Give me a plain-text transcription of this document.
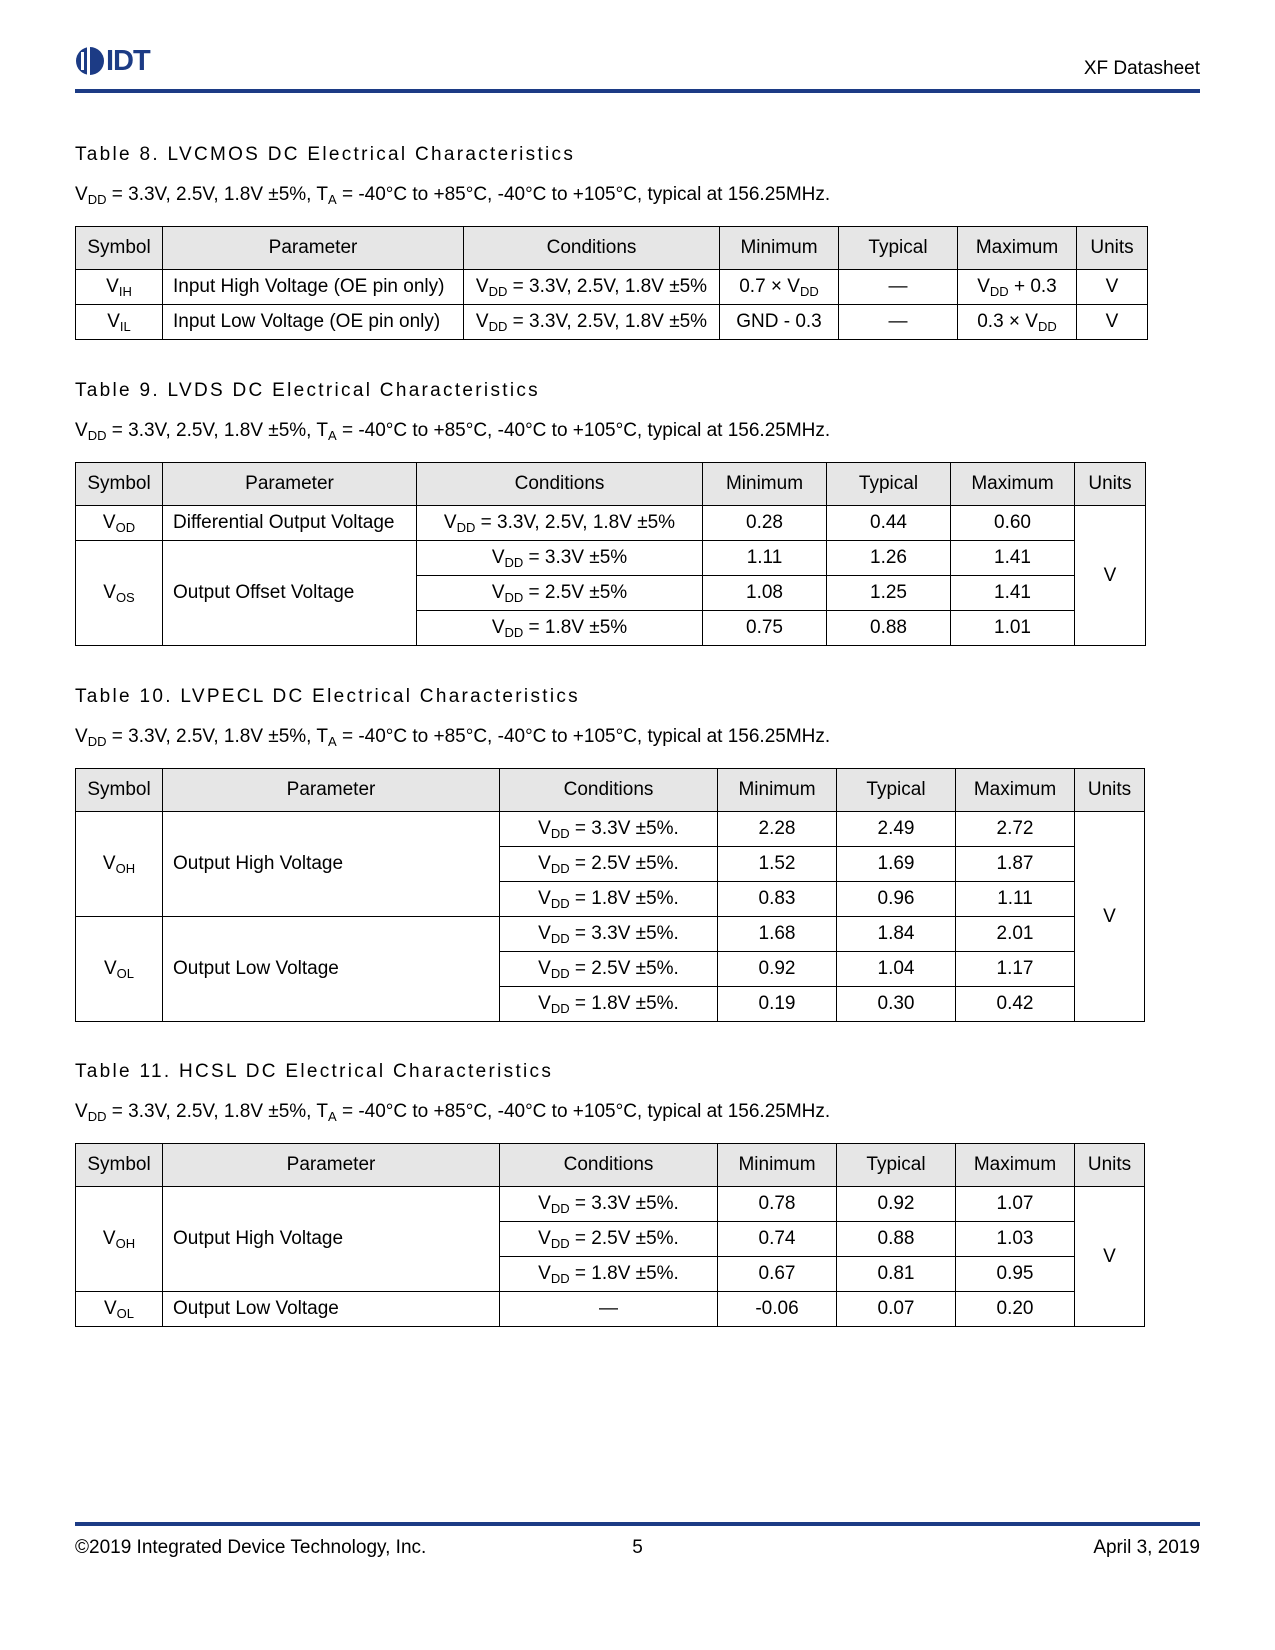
IDT	XF Datasheet
Table 8. LVCMOS DC Electrical Characteristics
$V_{DD} = 3.3V$, 2.5V, 1.8V ±5%, $T_A = -40^\circ C$ to +85°C, -40°C to +105°C, typical at 156.25MHz.
Symbol	Parameter	Conditions	Minimum	Typical	Maximum	Units
$V_{IH}$	Input High Voltage (OE pin only)	$V_{DD} = 3.3V$, 2.5V, 1.8V ±5%	$0.7 \times V_{DD}$	—	$V_{DD} + 0.3$	V
$V_{IL}$	Input Low Voltage (OE pin only)	$V_{DD} = 3.3V$, 2.5V, 1.8V ±5%	GND - 0.3	—	$0.3 \times V_{DD}$	V
Table 9. LVDS DC Electrical Characteristics
$V_{DD} = 3.3V$, 2.5V, 1.8V ±5%, $T_A = -40^\circ C$ to +85°C, -40°C to +105°C, typical at 156.25MHz.
Symbol	Parameter	Conditions	Minimum	Typical	Maximum	Units
$V_{OD}$	Differential Output Voltage	$V_{DD} = 3.3V$, 2.5V, 1.8V ±5%	0.28	0.44	0.60	V
$V_{OS}$	Output Offset Voltage	$V_{DD} = 3.3V \pm 5\%$	1.11	1.26	1.41	
		$V_{DD} = 2.5V \pm 5\%$	1.08	1.25	1.41	
		$V_{DD} = 1.8V \pm 5\%$	0.75	0.88	1.01	
Table 10. LVPECL DC Electrical Characteristics
$V_{DD} = 3.3V$, 2.5V, 1.8V ±5%, $T_A = -40^\circ C$ to +85°C, -40°C to +105°C, typical at 156.25MHz.
Symbol	Parameter	Conditions	Minimum	Typical	Maximum	Units
$V_{OH}$	Output High Voltage	$V_{DD} = 3.3V \pm 5\%$.	2.28	2.49	2.72	V
		$V_{DD} = 2.5V \pm 5\%$.	1.52	1.69	1.87	
		$V_{DD} = 1.8V \pm 5\%$.	0.83	0.96	1.11	
$V_{OL}$	Output Low Voltage	$V_{DD} = 3.3V \pm 5\%$.	1.68	1.84	2.01	
		$V_{DD} = 2.5V \pm 5\%$.	0.92	1.04	1.17	
		$V_{DD} = 1.8V \pm 5\%$.	0.19	0.30	0.42	
Table 11. HCSL DC Electrical Characteristics
$V_{DD} = 3.3V$, 2.5V, 1.8V ±5%, $T_A = -40^\circ C$ to +85°C, -40°C to +105°C, typical at 156.25MHz.
Symbol	Parameter	Conditions	Minimum	Typical	Maximum	Units
$V_{OH}$	Output High Voltage	$V_{DD} = 3.3V \pm 5\%$.	0.78	0.92	1.07	V
		$V_{DD} = 2.5V \pm 5\%$.	0.74	0.88	1.03	
		$V_{DD} = 1.8V \pm 5\%$.	0.67	0.81	0.95	
$V_{OL}$	Output Low Voltage	—	-0.06	0.07	0.20	
©2019 Integrated Device Technology, Inc.	5	April 3, 2019
